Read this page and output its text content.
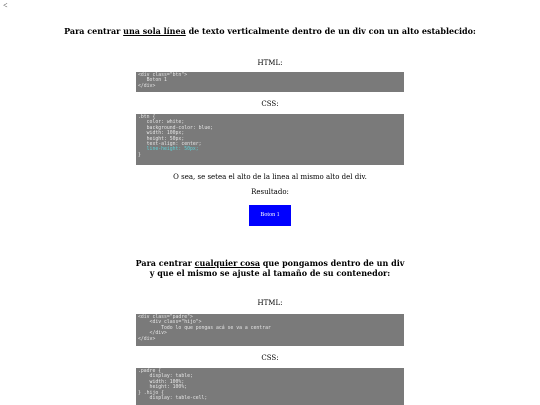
<
Para centrar una sola línea de texto verticalmente dentro de un div con un alto establecido:
HTML:
<div class="btn">
Boton 1
</div>
CSS:
.btn {
color: white;
background-color: blue;
width: 100px;
height: 50px;
text-align: center;
line-height: 50px;
}
O sea, se setea el alto de la linea al mismo alto del div.
Resultado:
Boton 1
Para centrar cualquier cosa que pongamos dentro de un div
y que el mismo se ajuste al tamaño de su contenedor:
HTML:
<div class="padre">
<div class="hijo">
Todo lo que pongas acá se va a centrar
</div>
</div>
CSS:
.padre {
display: table;
width: 100%;
height: 100%;
} .hijo {
display: table-cell;
